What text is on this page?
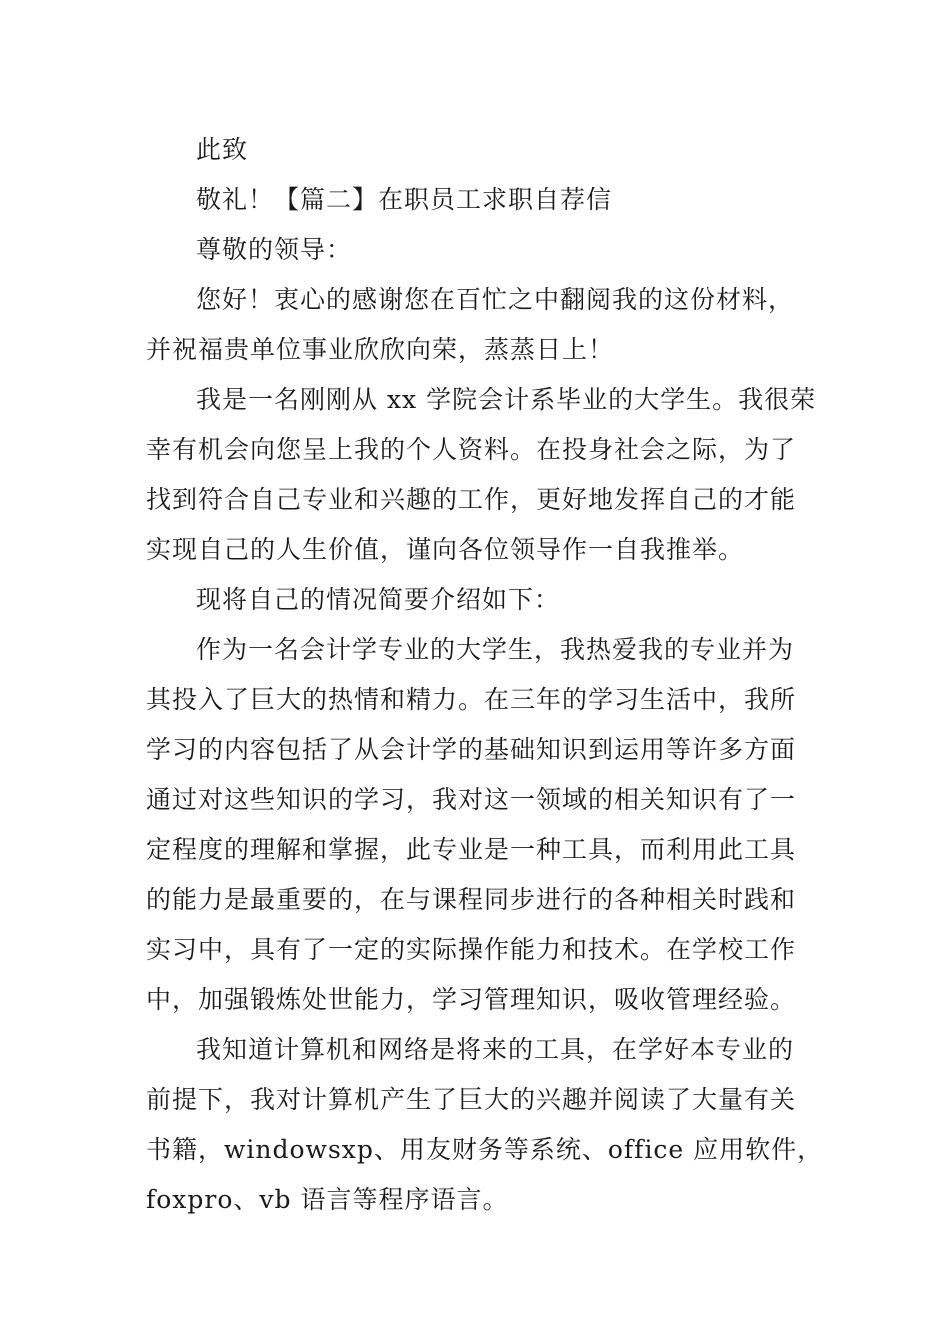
此致
敬礼！【篇二】在职员工求职自荐信
尊敬的领导：
您好！衷心的感谢您在百忙之中翻阅我的这份材料，
并祝福贵单位事业欣欣向荣，蒸蒸日上！
我是一名刚刚从 xx 学院会计系毕业的大学生。我很荣
幸有机会向您呈上我的个人资料。在投身社会之际，为了
找到符合自己专业和兴趣的工作，更好地发挥自己的才能
实现自己的人生价值，谨向各位领导作一自我推举。
现将自己的情况简要介绍如下：
作为一名会计学专业的大学生，我热爱我的专业并为
其投入了巨大的热情和精力。在三年的学习生活中，我所
学习的内容包括了从会计学的基础知识到运用等许多方面
通过对这些知识的学习，我对这一领域的相关知识有了一
定程度的理解和掌握，此专业是一种工具，而利用此工具
的能力是最重要的，在与课程同步进行的各种相关时践和
实习中，具有了一定的实际操作能力和技术。在学校工作
中，加强锻炼处世能力，学习管理知识，吸收管理经验。
我知道计算机和网络是将来的工具，在学好本专业的
前提下，我对计算机产生了巨大的兴趣并阅读了大量有关
书籍，windowsxp、用友财务等系统、office 应用软件，
foxpro、vb 语言等程序语言。
